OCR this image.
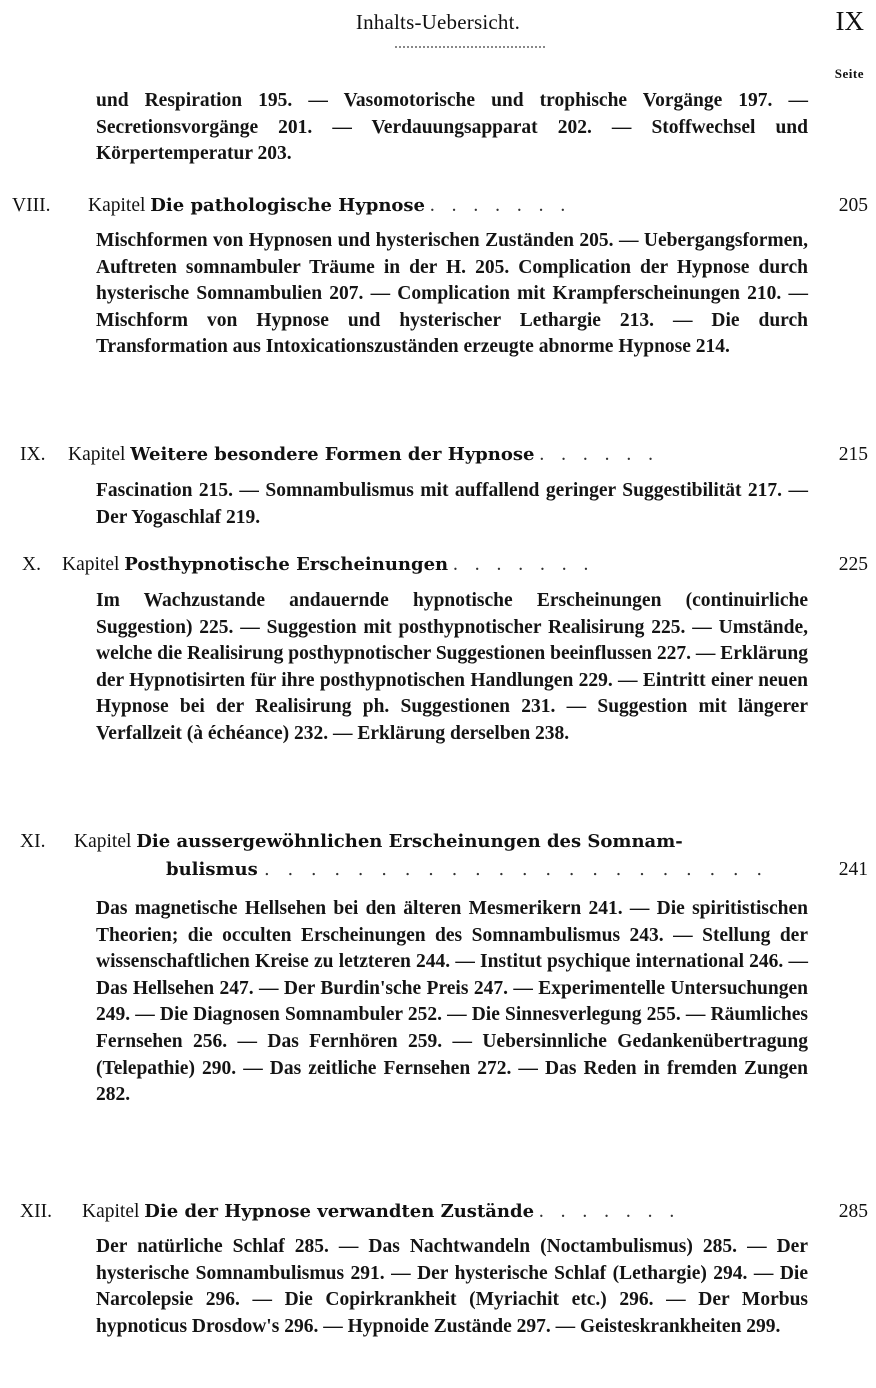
Inhalts-Uebersicht.	IX
Seite
und Respiration 195. — Vasomotorische und trophische Vorgänge 197. — Secretionsvorgänge 201. — Verdauungsapparat 202. — Stoffwechsel und Körpertemperatur 203.
VIII. Kapitel Die pathologische Hypnose . . . . . . .	205
Mischformen von Hypnosen und hysterischen Zuständen 205. — Uebergangsformen, Auftreten somnambuler Träume in der H. 205. Complication der Hypnose durch hysterische Somnambulien 207. — Complication mit Krampferscheinungen 210. — Mischform von Hypnose und hysterischer Lethargie 213. — Die durch Transformation aus Intoxicationszuständen erzeugte abnorme Hypnose 214.
IX. Kapitel Weitere besondere Formen der Hypnose . . . . . .	215
Fascination 215. — Somnambulismus mit auffallend geringer Suggestibilität 217. — Der Yogaschlaf 219.
X. Kapitel Posthypnotische Erscheinungen . . . . . . .	225
Im Wachzustande andauernde hypnotische Erscheinungen (continuirliche Suggestion) 225. — Suggestion mit posthypnotischer Realisirung 225. — Umstände, welche die Realisirung posthypnotischer Suggestionen beeinflussen 227. — Erklärung der Hypnotisirten für ihre posthypnotischen Handlungen 229. — Eintritt einer neuen Hypnose bei der Realisirung ph. Suggestionen 231. — Suggestion mit längerer Verfallzeit (à échéance) 232. — Erklärung derselben 238.
XI. Kapitel Die aussergewöhnlichen Erscheinungen des Somnam-
bulismus . . . . . . . . . . . . . . . . . . . . . .	241
Das magnetische Hellsehen bei den älteren Mesmerikern 241. — Die spiritistischen Theorien; die occulten Erscheinungen des Somnambulismus 243. — Stellung der wissenschaftlichen Kreise zu letzteren 244. — Institut psychique international 246. — Das Hellsehen 247. — Der Burdin'sche Preis 247. — Experimentelle Untersuchungen 249. — Die Diagnosen Somnambuler 252. — Die Sinnesverlegung 255. — Räumliches Fernsehen 256. — Das Fernhören 259. — Uebersinnliche Gedankenübertragung (Telepathie) 290. — Das zeitliche Fernsehen 272. — Das Reden in fremden Zungen 282.
XII. Kapitel Die der Hypnose verwandten Zustände . . . . . . .	285
Der natürliche Schlaf 285. — Das Nachtwandeln (Noctambulismus) 285. — Der hysterische Somnambulismus 291. — Der hysterische Schlaf (Lethargie) 294. — Die Narcolepsie 296. — Die Copirkrankheit (Myriachit etc.) 296. — Der Morbus hypnoticus Drosdow's 296. — Hypnoide Zustände 297. — Geisteskrankheiten 299.
